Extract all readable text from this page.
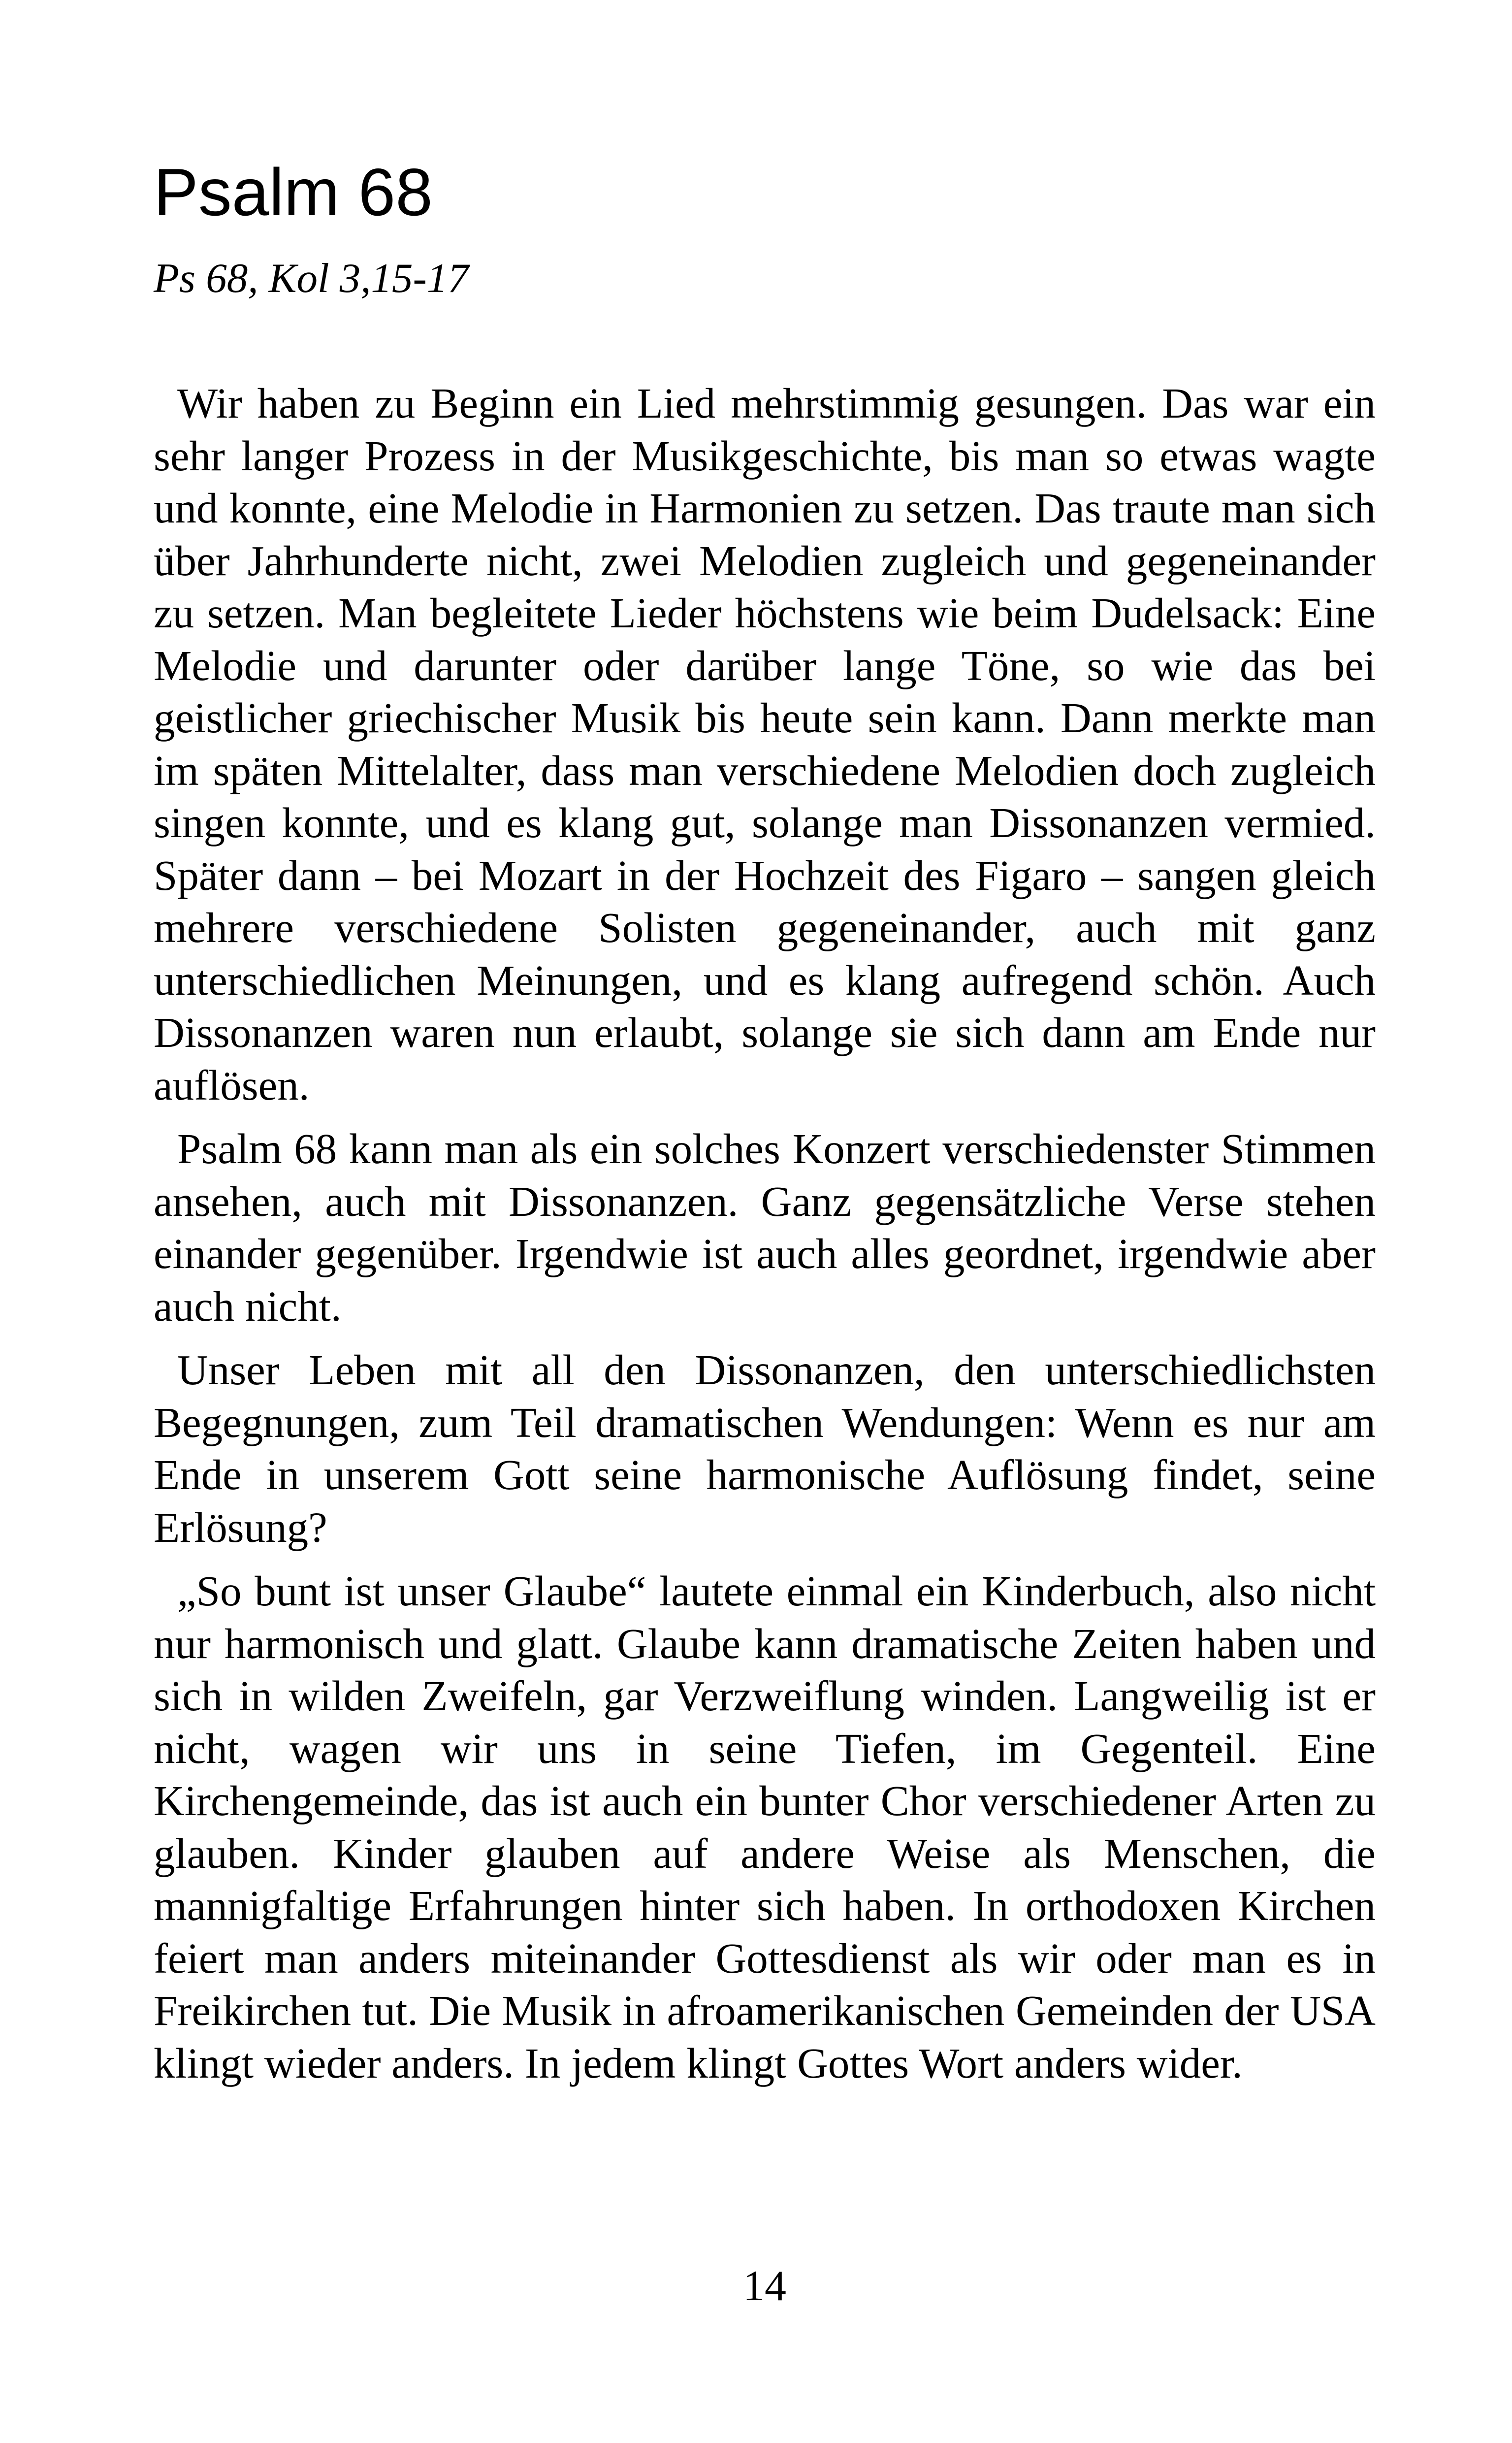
Psalm 68

Ps 68, Kol 3,15-17

Wir haben zu Beginn ein Lied mehrstimmig gesungen. Das war ein sehr langer Prozess in der Musikgeschichte, bis man so etwas wagte und konnte, eine Melodie in Harmonien zu setzen. Das traute man sich über Jahrhunderte nicht, zwei Melodien zugleich und gegeneinander zu setzen. Man begleitete Lieder höchstens wie beim Dudelsack: Eine Melodie und darunter oder darüber lange Töne, so wie das bei geistlicher griechischer Musik bis heute sein kann. Dann merkte man im späten Mittelalter, dass man verschiedene Melodien doch zugleich singen konnte, und es klang gut, solange man Dissonanzen vermied. Später dann – bei Mozart in der Hochzeit des Figaro – sangen gleich mehrere verschiedene Solisten gegeneinander, auch mit ganz unterschiedlichen Meinungen, und es klang aufregend schön. Auch Dissonanzen waren nun erlaubt, solange sie sich dann am Ende nur auflösen.

Psalm 68 kann man als ein solches Konzert verschiedenster Stimmen ansehen, auch mit Dissonanzen. Ganz gegensätzliche Verse stehen einander gegenüber. Irgendwie ist auch alles geordnet, irgendwie aber auch nicht.

Unser Leben mit all den Dissonanzen, den unterschiedlichsten Begegnungen, zum Teil dramatischen Wendungen: Wenn es nur am Ende in unserem Gott seine harmonische Auflösung findet, seine Erlösung?

„So bunt ist unser Glaube“ lautete einmal ein Kinderbuch, also nicht nur harmonisch und glatt. Glaube kann dramatische Zeiten haben und sich in wilden Zweifeln, gar Verzweiflung winden. Langweilig ist er nicht, wagen wir uns in seine Tiefen, im Gegenteil. Eine Kirchengemeinde, das ist auch ein bunter Chor verschiedener Arten zu glauben. Kinder glauben auf andere Weise als Menschen, die mannigfaltige Erfahrungen hinter sich haben. In orthodoxen Kirchen feiert man anders miteinander Gottesdienst als wir oder man es in Freikirchen tut. Die Musik in afroamerikanischen Gemeinden der USA klingt wieder anders. In jedem klingt Gottes Wort anders wider.

14
